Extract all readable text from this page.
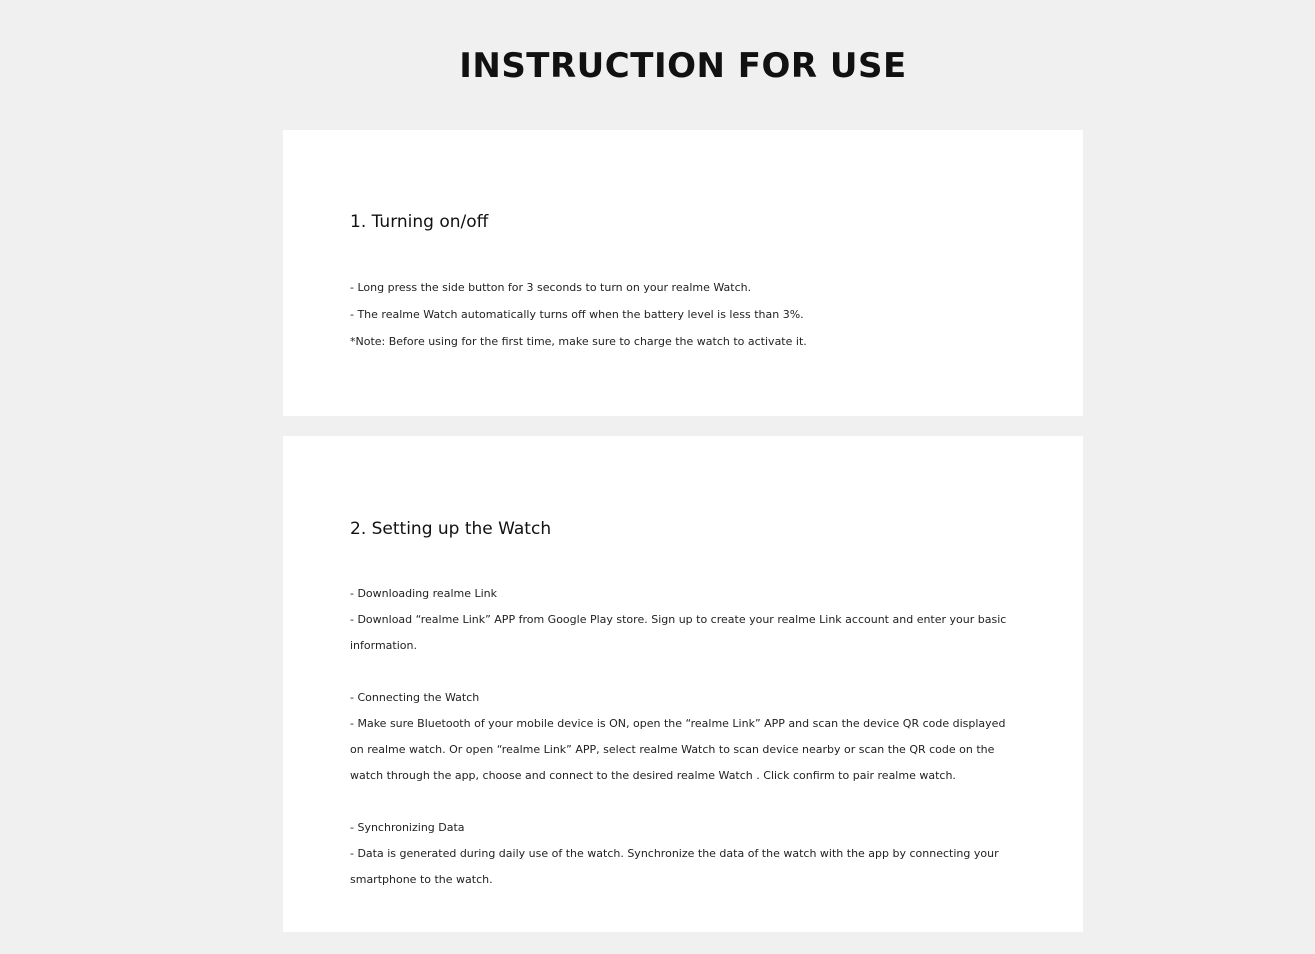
INSTRUCTION FOR USE
1. Turning on/off
- Long press the side button for 3 seconds to turn on your realme Watch.
- The realme Watch automatically turns off when the battery level is less than 3%.
*Note: Before using for the first time, make sure to charge the watch to activate it.
2. Setting up the Watch
- Downloading realme Link
- Download “realme Link” APP from Google Play store. Sign up to create your realme Link account and enter your basic information.
- Connecting the Watch
- Make sure Bluetooth of your mobile device is ON, open the “realme Link” APP and scan the device QR code displayed on realme watch. Or open “realme Link” APP, select realme Watch to scan device nearby or scan the QR code on the watch through the app, choose and connect to the desired realme Watch . Click confirm to pair realme watch.
- Synchronizing Data
- Data is generated during daily use of the watch. Synchronize the data of the watch with the app by connecting your smartphone to the watch.
